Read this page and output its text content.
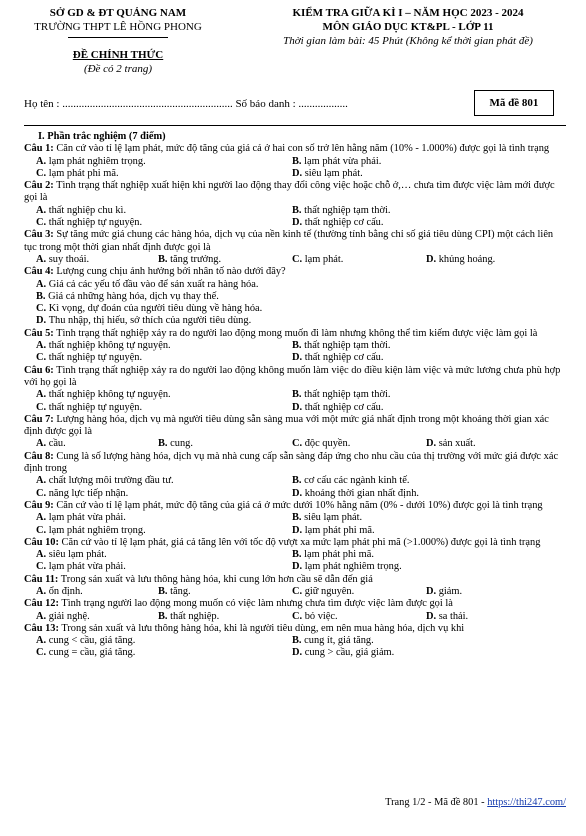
SỞ GD & ĐT QUẢNG NAM
TRƯỜNG THPT LÊ HỒNG PHONG
ĐỀ CHÍNH THỨC
(Đề có 2 trang)
KIỂM TRA GIỮA KÌ I – NĂM HỌC 2023 - 2024
MÔN GIÁO DỤC KT&PL - LỚP 11
Thời gian làm bài: 45 Phút (Không kể thời gian phát đề)
Họ tên : .............................................................. Số báo danh : ..................	Mã đề 801
I. Phần trắc nghiệm (7 điểm)
Câu 1: Căn cứ vào tỉ lệ lạm phát, mức độ tăng của giá cả ở hai con số trở lên hằng năm (10% - 1.000%) được gọi là tình trạng
A. lạm phát nghiêm trọng.	B. lạm phát vừa phải.
C. lạm phát phi mã.	D. siêu lạm phát.
Câu 2: Tình trạng thất nghiệp xuất hiện khi người lao động thay đổi công việc hoặc chỗ ở,… chưa tìm được việc làm mới được gọi là
A. thất nghiệp chu kì.	B. thất nghiệp tạm thời.
C. thất nghiệp tự nguyện.	D. thất nghiệp cơ cấu.
Câu 3: Sự tăng mức giá chung các hàng hóa, dịch vụ của nền kinh tế (thường tính bằng chỉ số giá tiêu dùng CPI) một cách liên tục trong một thời gian nhất định được gọi là
A. suy thoái.	B. tăng trưởng.	C. lạm phát.	D. khủng hoảng.
Câu 4: Lượng cung chịu ảnh hưởng bởi nhân tố nào dưới đây?
A. Giá cả các yếu tố đầu vào để sản xuất ra hàng hóa.
B. Giá cả những hàng hóa, dịch vụ thay thế.
C. Kì vọng, dự đoán của người tiêu dùng về hàng hóa.
D. Thu nhập, thị hiếu, sở thích của người tiêu dùng.
Câu 5: Tình trạng thất nghiệp xảy ra do người lao động mong muốn đi làm nhưng không thể tìm kiếm được việc làm gọi là
A. thất nghiệp không tự nguyện.	B. thất nghiệp tạm thời.
C. thất nghiệp tự nguyện.	D. thất nghiệp cơ cấu.
Câu 6: Tình trạng thất nghiệp xảy ra do người lao động không muốn làm việc do điều kiện làm việc và mức lương chưa phù hợp với họ gọi là
A. thất nghiệp không tự nguyện.	B. thất nghiệp tạm thời.
C. thất nghiệp tự nguyện.	D. thất nghiệp cơ cấu.
Câu 7: Lượng hàng hóa, dịch vụ mà người tiêu dùng sẵn sàng mua với một mức giá nhất định trong một khoảng thời gian xác định được gọi là
A. cầu.	B. cung.	C. độc quyền.	D. sản xuất.
Câu 8: Cung là số lượng hàng hóa, dịch vụ mà nhà cung cấp sẵn sàng đáp ứng cho nhu cầu của thị trường với mức giá được xác định trong
A. chất lượng môi trường đầu tư.	B. cơ cấu các ngành kinh tế.
C. năng lực tiếp nhận.	D. khoảng thời gian nhất định.
Câu 9: Căn cứ vào tỉ lệ lạm phát, mức độ tăng của giá cả ở mức dưới 10% hằng năm (0% - dưới 10%) được gọi là tình trạng
A. lạm phát vừa phải.	B. siêu lạm phát.
C. lạm phát nghiêm trọng.	D. lạm phát phi mã.
Câu 10: Căn cứ vào tỉ lệ lạm phát, giá cả tăng lên với tốc độ vượt xa mức lạm phát phi mã (>1.000%) được gọi là tình trạng
A. siêu lạm phát.	B. lạm phát phi mã.
C. lạm phát vừa phải.	D. lạm phát nghiêm trọng.
Câu 11: Trong sản xuất và lưu thông hàng hóa, khi cung lớn hơn cầu sẽ dẫn đến giá
A. ổn định.	B. tăng.	C. giữ nguyên.	D. giảm.
Câu 12: Tình trạng người lao động mong muốn có việc làm nhưng chưa tìm được việc làm được gọi là
A. giải nghệ.	B. thất nghiệp.	C. bỏ việc.	D. sa thải.
Câu 13: Trong sản xuất và lưu thông hàng hóa, khi là người tiêu dùng, em nên mua hàng hóa, dịch vụ khi
A. cung < cầu, giá tăng.	B. cung ít, giá tăng.
C. cung = cầu, giá tăng.	D. cung > cầu, giá giảm.
Trang 1/2 - Mã đề 801 - https://thi247.com/
